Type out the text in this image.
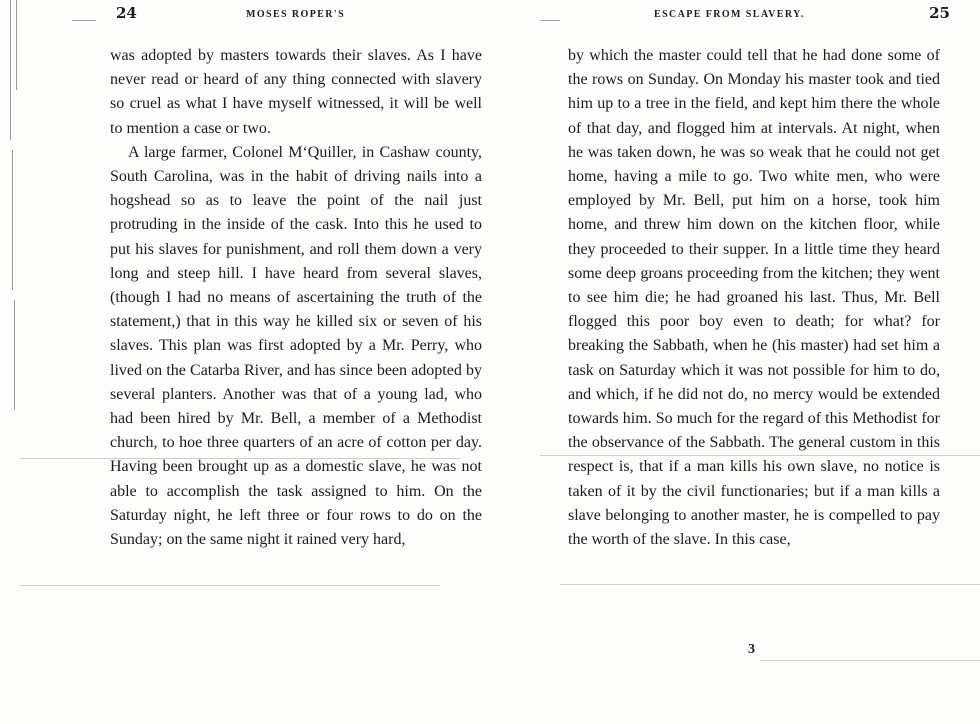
24	MOSES ROPER'S

was adopted by masters towards their slaves. As I have never read or heard of any thing connected with slavery so cruel as what I have myself witnessed, it will be well to mention a case or two.

A large farmer, Colonel M‘Quiller, in Cashaw county, South Carolina, was in the habit of driving nails into a hogshead so as to leave the point of the nail just protruding in the inside of the cask. Into this he used to put his slaves for punishment, and roll them down a very long and steep hill. I have heard from several slaves, (though I had no means of ascertaining the truth of the statement,) that in this way he killed six or seven of his slaves. This plan was first adopted by a Mr. Perry, who lived on the Catarba River, and has since been adopted by several planters. Another was that of a young lad, who had been hired by Mr. Bell, a member of a Methodist church, to hoe three quarters of an acre of cotton per day. Having been brought up as a domestic slave, he was not able to accomplish the task assigned to him. On the Saturday night, he left three or four rows to do on the Sunday; on the same night it rained very hard,

ESCAPE FROM SLAVERY.	25

by which the master could tell that he had done some of the rows on Sunday. On Monday his master took and tied him up to a tree in the field, and kept him there the whole of that day, and flogged him at intervals. At night, when he was taken down, he was so weak that he could not get home, having a mile to go. Two white men, who were employed by Mr. Bell, put him on a horse, took him home, and threw him down on the kitchen floor, while they proceeded to their supper. In a little time they heard some deep groans proceeding from the kitchen; they went to see him die; he had groaned his last. Thus, Mr. Bell flogged this poor boy even to death; for what? for breaking the Sabbath, when he (his master) had set him a task on Saturday which it was not possible for him to do, and which, if he did not do, no mercy would be extended towards him. So much for the regard of this Methodist for the observance of the Sabbath. The general custom in this respect is, that if a man kills his own slave, no notice is taken of it by the civil functionaries; but if a man kills a slave belonging to another master, he is compelled to pay the worth of the slave. In this case,

3
